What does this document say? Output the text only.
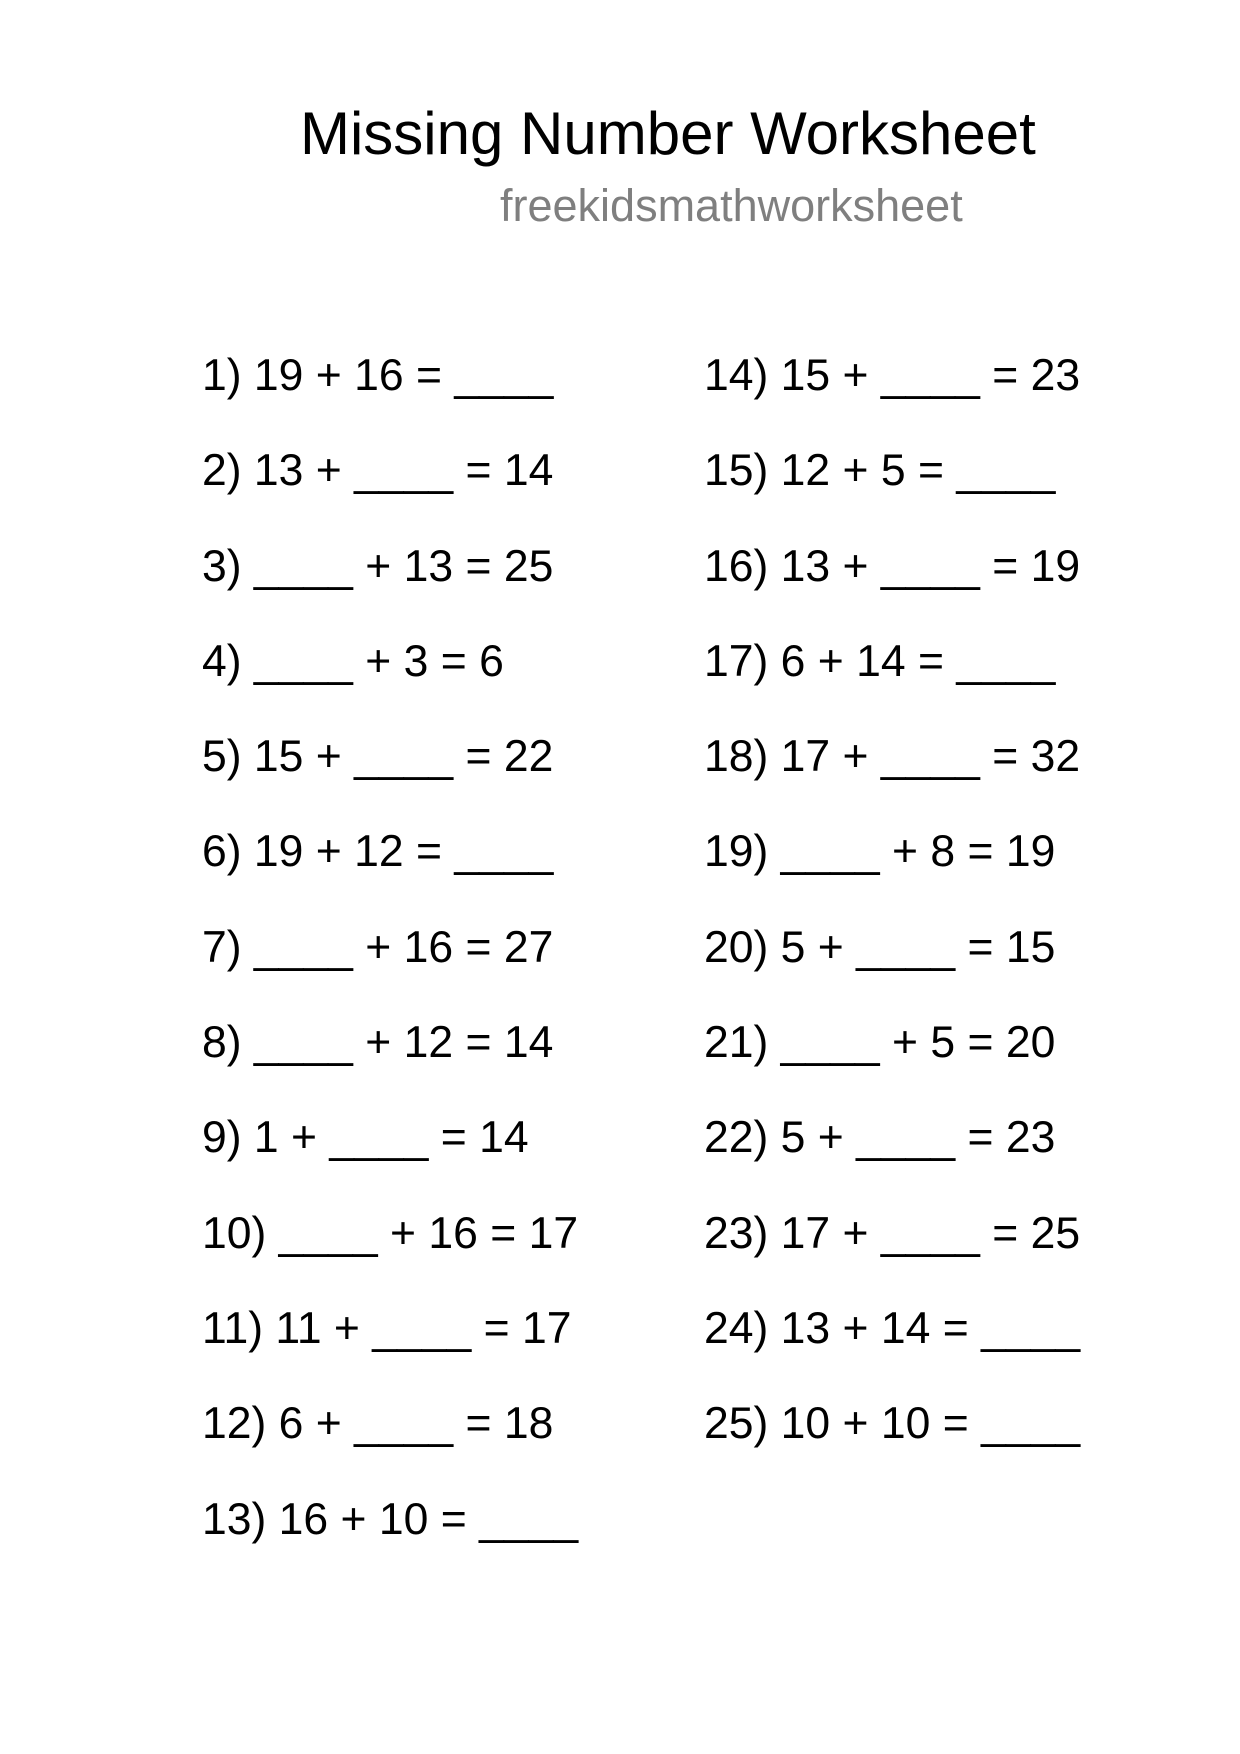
Missing Number Worksheet
freekidsmathworksheet
1) 19 + 16 = ____
2) 13 + ____ = 14
3) ____ + 13 = 25
4) ____ + 3 = 6
5) 15 + ____ = 22
6) 19 + 12 = ____
7) ____ + 16 = 27
8) ____ + 12 = 14
9) 1 + ____ = 14
10) ____ + 16 = 17
11) 11 + ____ = 17
12) 6 + ____ = 18
13) 16 + 10 = ____
14) 15 + ____ = 23
15) 12 + 5 = ____
16) 13 + ____ = 19
17) 6 + 14 = ____
18) 17 + ____ = 32
19) ____ + 8 = 19
20) 5 + ____ = 15
21) ____ + 5 = 20
22) 5 + ____ = 23
23) 17 + ____ = 25
24) 13 + 14 = ____
25) 10 + 10 = ____
